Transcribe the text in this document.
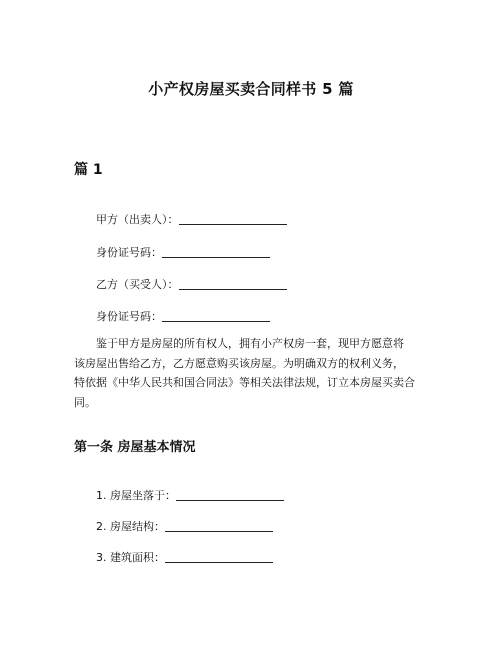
小产权房屋买卖合同样书 5 篇
篇 1
甲方（出卖人）：
身份证号码：
乙方（买受人）：
身份证号码：
鉴于甲方是房屋的所有权人，拥有小产权房一套，现甲方愿意将
该房屋出售给乙方，乙方愿意购买该房屋。为明确双方的权利义务，
特依据《中华人民共和国合同法》等相关法律法规，订立本房屋买卖合
同。
第一条 房屋基本情况
1. 房屋坐落于：
2. 房屋结构：
3. 建筑面积：
